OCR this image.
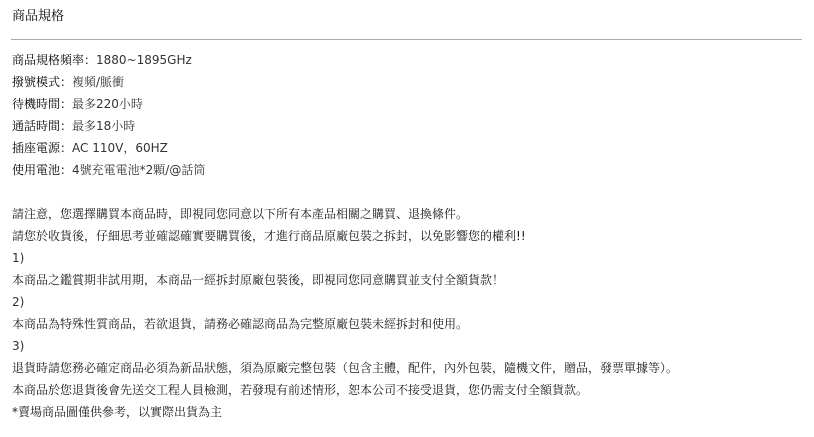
商品規格
商品規格頻率：1880~1895GHz
撥號模式：複頻/脈衝
待機時間：最多220小時
通話時間：最多18小時
插座電源：AC 110V，60HZ
使用電池：4號充電電池*2顆/@話筒
請注意，您選擇購買本商品時，即視同您同意以下所有本產品相關之購買、退換條件。
請您於收貨後，仔細思考並確認確實要購買後，才進行商品原廠包裝之拆封，以免影響您的權利!!
1)
本商品之鑑賞期非試用期，本商品一經拆封原廠包裝後，即視同您同意購買並支付全額貨款！
2)
本商品為特殊性質商品，若欲退貨，請務必確認商品為完整原廠包裝未經拆封和使用。
3)
退貨時請您務必確定商品必須為新品狀態，須為原廠完整包裝（包含主體，配件，內外包裝，隨機文件，贈品，發票單據等）。
本商品於您退貨後會先送交工程人員檢測，若發現有前述情形，恕本公司不接受退貨，您仍需支付全額貨款。
*賣場商品圖僅供參考，以實際出貨為主
